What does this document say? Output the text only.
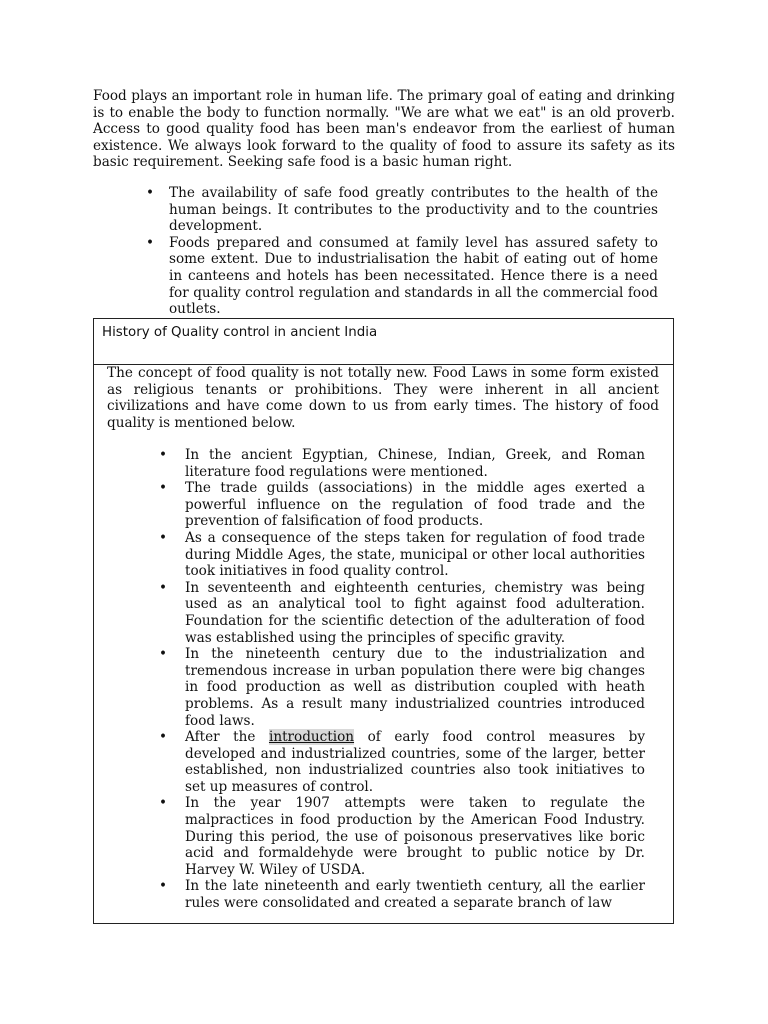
Food plays an important role in human life. The primary goal of eating and drinking is to enable the body to function normally. "We are what we eat" is an old proverb. Access to good quality food has been man's endeavor from the earliest of human existence. We always look forward to the quality of food to assure its safety as its basic requirement. Seeking safe food is a basic human right.

• The availability of safe food greatly contributes to the health of the human beings. It contributes to the productivity and to the countries development.
• Foods prepared and consumed at family level has assured safety to some extent. Due to industrialisation the habit of eating out of home in canteens and hotels has been necessitated. Hence there is a need for quality control regulation and standards in all the commercial food outlets.
History of Quality control in ancient India

The concept of food quality is not totally new. Food Laws in some form existed as religious tenants or prohibitions. They were inherent in all ancient civilizations and have come down to us from early times. The history of food quality is mentioned below.

• In the ancient Egyptian, Chinese, Indian, Greek, and Roman literature food regulations were mentioned.
• The trade guilds (associations) in the middle ages exerted a powerful influence on the regulation of food trade and the prevention of falsification of food products.
• As a consequence of the steps taken for regulation of food trade during Middle Ages, the state, municipal or other local authorities took initiatives in food quality control.
• In seventeenth and eighteenth centuries, chemistry was being used as an analytical tool to fight against food adulteration. Foundation for the scientific detection of the adulteration of food was established using the principles of specific gravity.
• In the nineteenth century due to the industrialization and tremendous increase in urban population there were big changes in food production as well as distribution coupled with heath problems. As a result many industrialized countries introduced food laws.
• After the introduction of early food control measures by developed and industrialized countries, some of the larger, better established, non industrialized countries also took initiatives to set up measures of control.
• In the year 1907 attempts were taken to regulate the malpractices in food production by the American Food Industry. During this period, the use of poisonous preservatives like boric acid and formaldehyde were brought to public notice by Dr. Harvey W. Wiley of USDA.
• In the late nineteenth and early twentieth century, all the earlier rules were consolidated and created a separate branch of law
